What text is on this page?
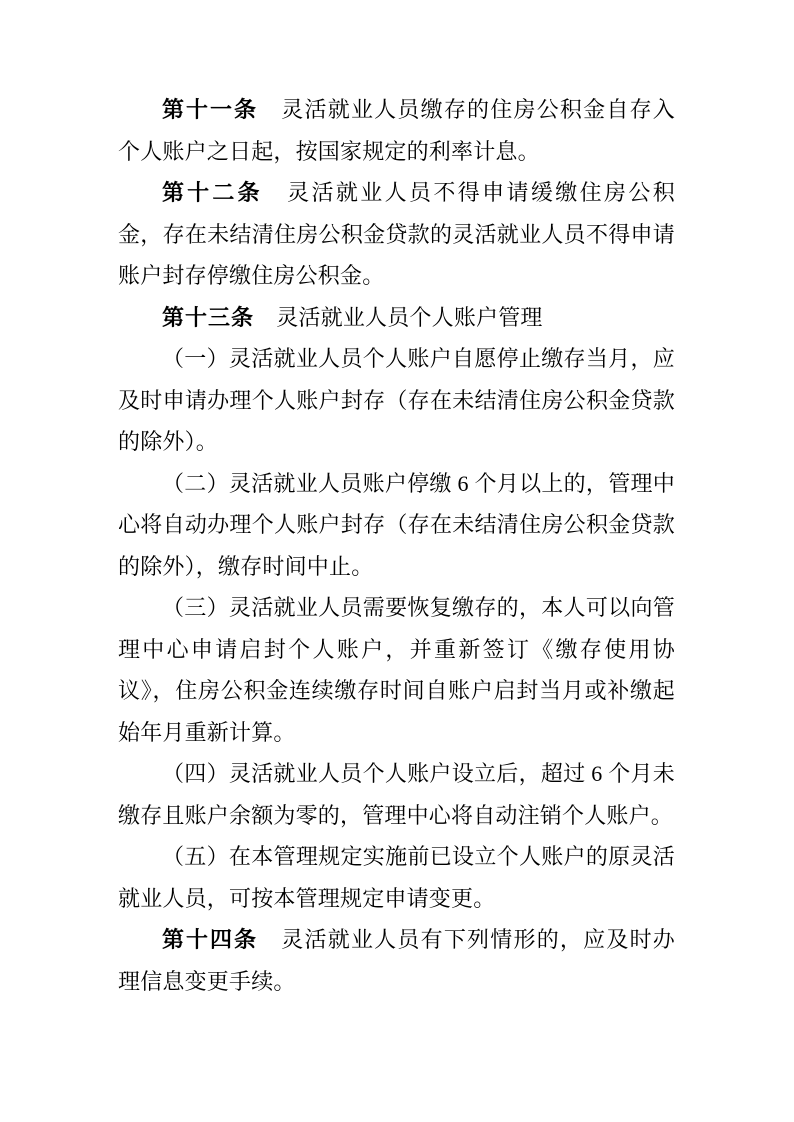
第十一条　灵活就业人员缴存的住房公积金自存入个人账户之日起，按国家规定的利率计息。

第十二条　灵活就业人员不得申请缓缴住房公积金，存在未结清住房公积金贷款的灵活就业人员不得申请账户封存停缴住房公积金。

第十三条　灵活就业人员个人账户管理

（一）灵活就业人员个人账户自愿停止缴存当月，应及时申请办理个人账户封存（存在未结清住房公积金贷款的除外）。

（二）灵活就业人员账户停缴 6 个月以上的，管理中心将自动办理个人账户封存（存在未结清住房公积金贷款的除外），缴存时间中止。

（三）灵活就业人员需要恢复缴存的，本人可以向管理中心申请启封个人账户，并重新签订《缴存使用协议》，住房公积金连续缴存时间自账户启封当月或补缴起始年月重新计算。

（四）灵活就业人员个人账户设立后，超过 6 个月未缴存且账户余额为零的，管理中心将自动注销个人账户。

（五）在本管理规定实施前已设立个人账户的原灵活就业人员，可按本管理规定申请变更。

第十四条　灵活就业人员有下列情形的，应及时办理信息变更手续。
